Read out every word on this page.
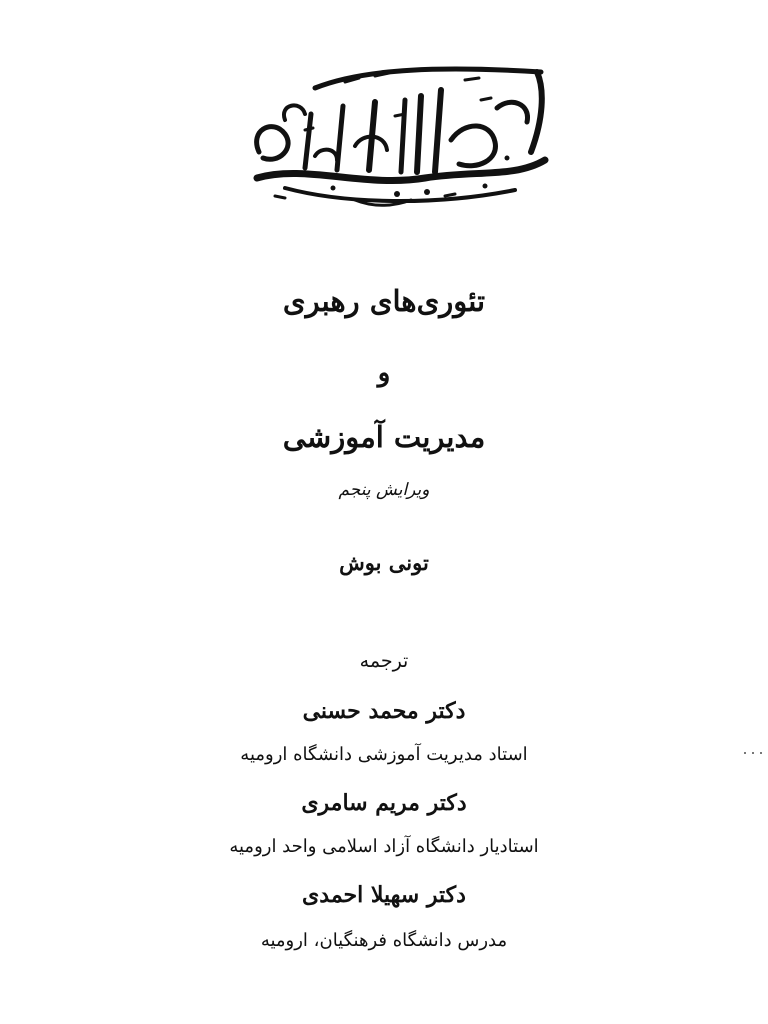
تئوری‌های رهبری
و
مدیریت آموزشی
ویرایش پنجم
تونی بوش
ترجمه
دکتر محمد حسنی
استاد مدیریت آموزشی دانشگاه ارومیه
دکتر مریم سامری
استادیار دانشگاه آزاد اسلامی واحد ارومیه
دکتر سهیلا احمدی
مدرس دانشگاه فرهنگیان، ارومیه
